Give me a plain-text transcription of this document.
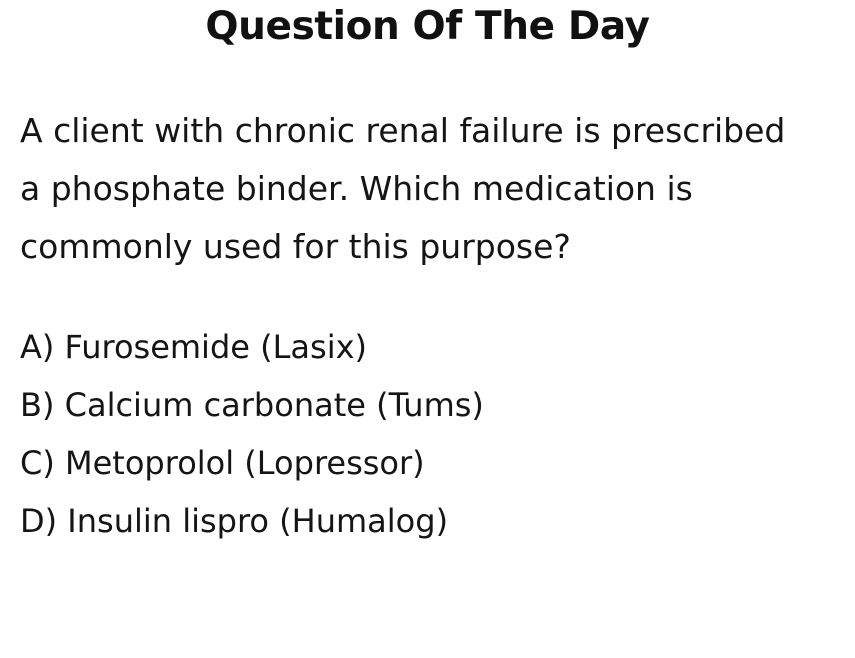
Question Of The Day
A client with chronic renal failure is prescribed a phosphate binder. Which medication is commonly used for this purpose?
A) Furosemide (Lasix)
B) Calcium carbonate (Tums)
C) Metoprolol (Lopressor)
D) Insulin lispro (Humalog)
